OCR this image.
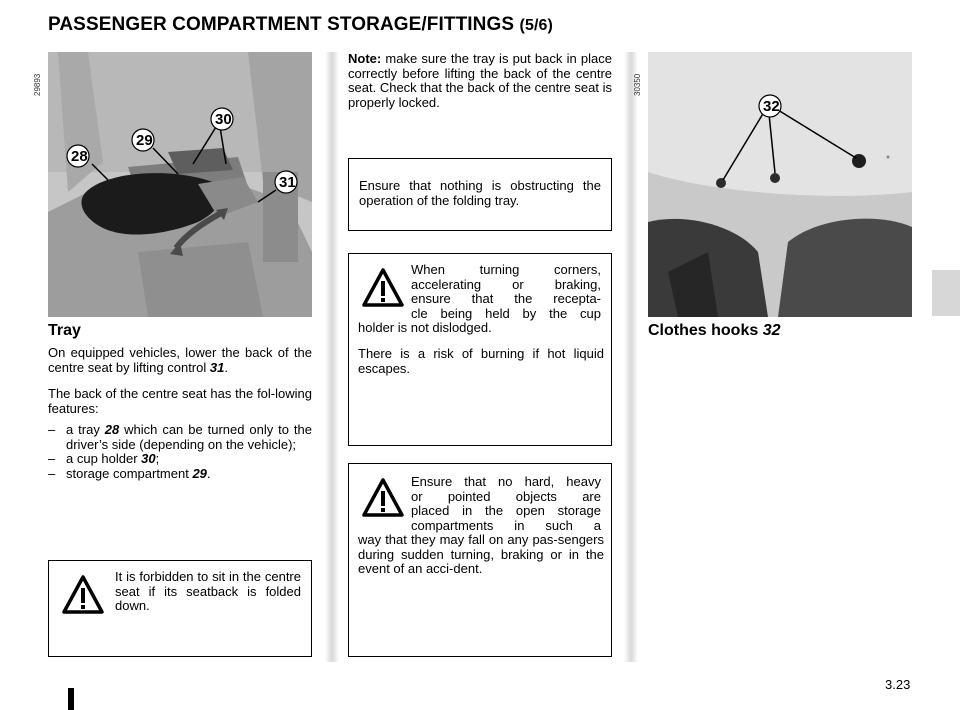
PASSENGER COMPARTMENT STORAGE/FITTINGS (5/6)
28
29
30
31
29893
Tray
On equipped vehicles, lower the back of the centre seat by lifting control 31.
The back of the centre seat has the fol-lowing features:
– a tray 28 which can be turned only to the driver’s side (depending on the vehicle);
– a cup holder 30;
– storage compartment 29.
It is forbidden to sit in the centre seat if its seatback is folded down.
Note: make sure the tray is put back in place correctly before lifting the back of the centre seat. Check that the back of the centre seat is properly locked.
Ensure that nothing is obstructing the operation of the folding tray.
When turning corners,
accelerating or braking,
ensure that the recepta-
cle being held by the cup
holder is not dislodged.
There is a risk of burning if hot liquid escapes.
Ensure that no hard, heavy
or pointed objects are
placed in the open storage
compartments in such a
way that they may fall on any pas-sengers during sudden turning, braking or in the event of an acci-dent.
32
30350
Clothes hooks 32
3.23
